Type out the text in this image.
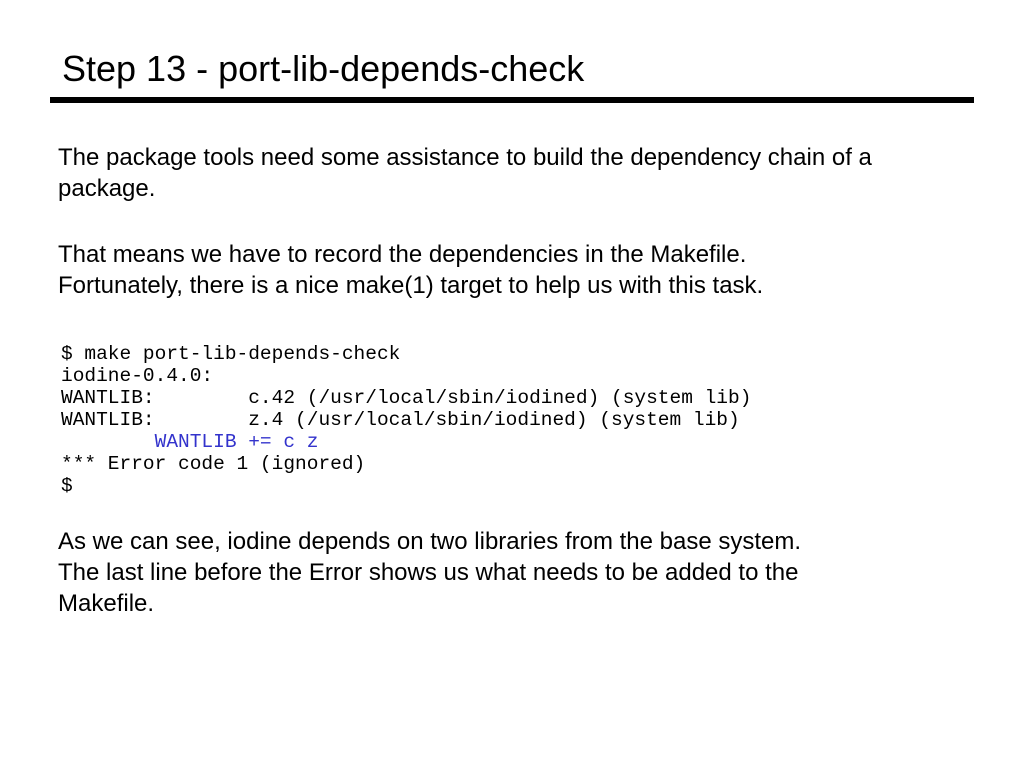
Step 13 - port-lib-depends-check
The package tools need some assistance to build the dependency chain of a
package.
That means we have to record the dependencies in the Makefile.
Fortunately, there is a nice make(1) target to help us with this task.
$ make port-lib-depends-check
iodine-0.4.0:
WANTLIB:        c.42 (/usr/local/sbin/iodined) (system lib)
WANTLIB:        z.4 (/usr/local/sbin/iodined) (system lib)
WANTLIB += c z
*** Error code 1 (ignored)
$
As we can see, iodine depends on two libraries from the base system.
The last line before the Error shows us what needs to be added to the
Makefile.
